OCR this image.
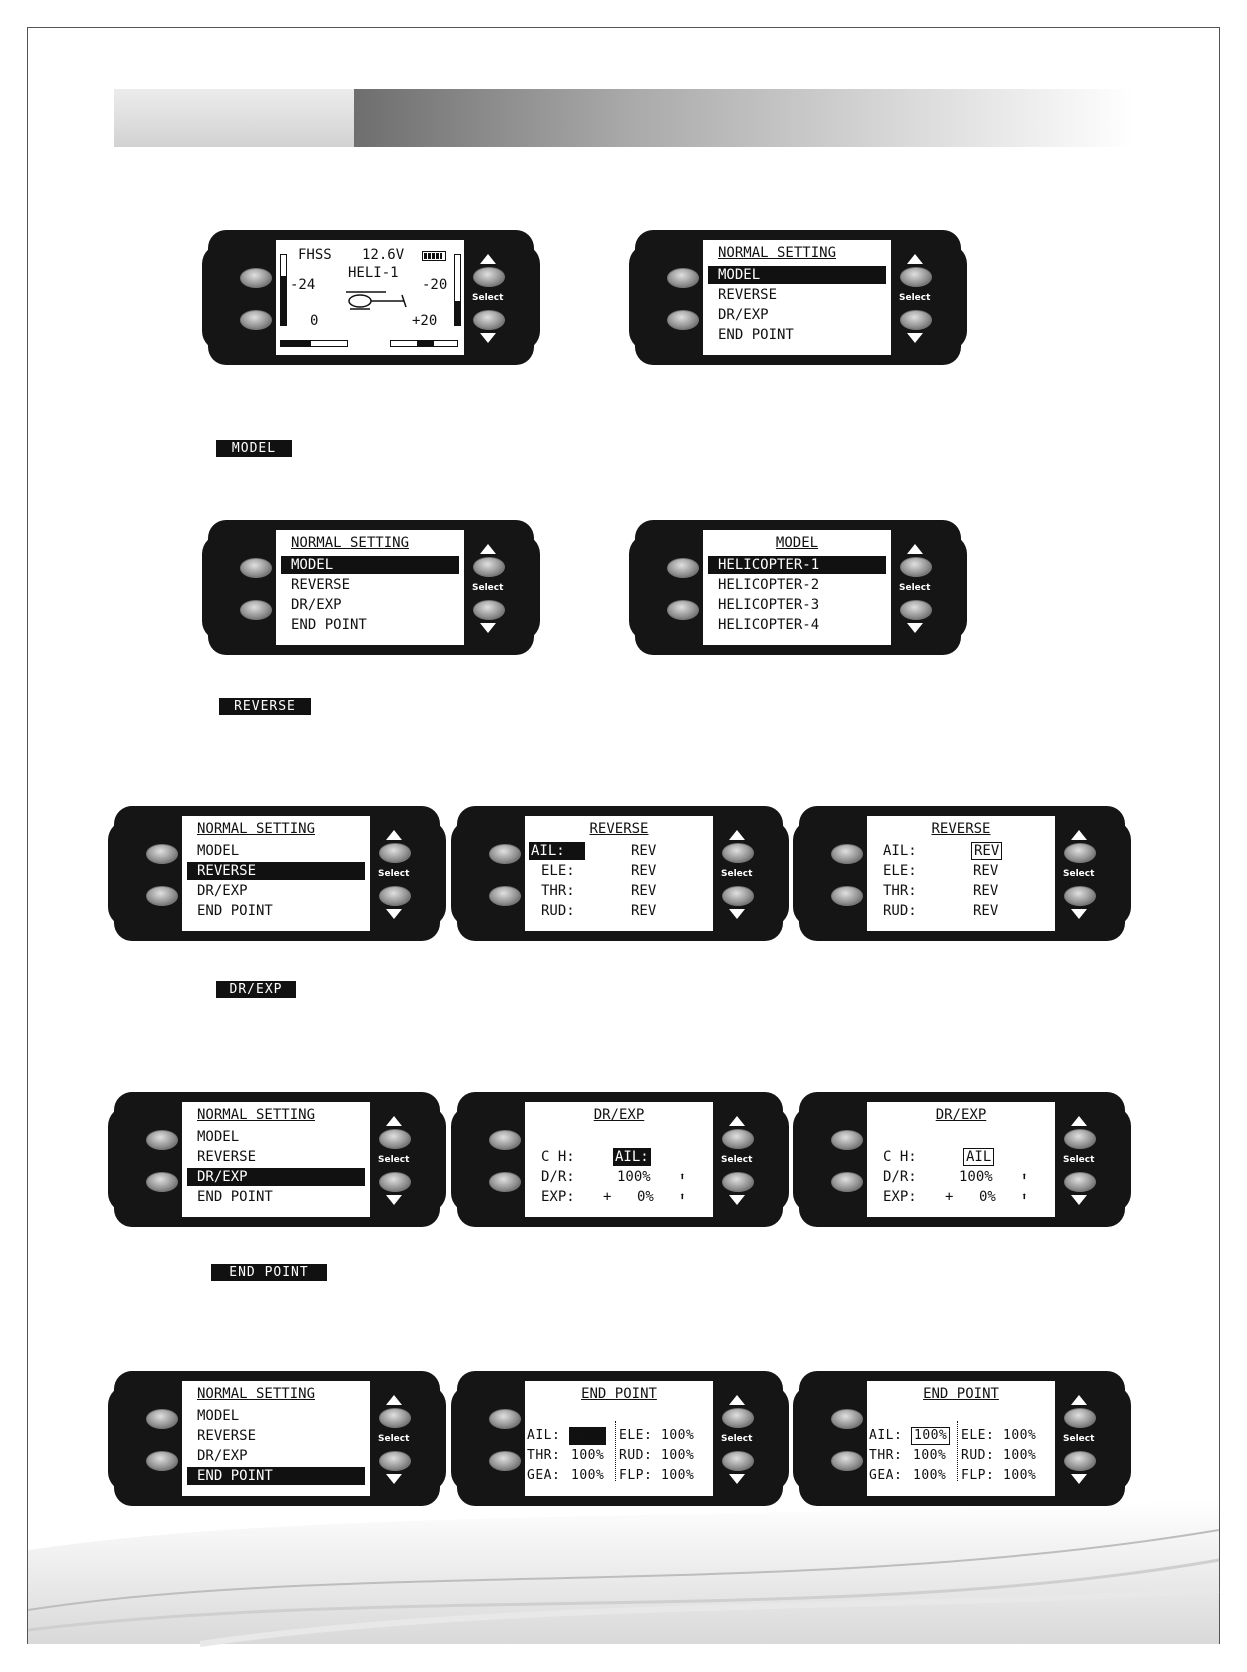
MODEL
REVERSE
DR/EXP
END POINT
Select
FHSS 12.6V
HELI-1
-24	-20
0	+20
Select
NORMAL SETTING
MODEL
REVERSE
DR/EXP
END POINT
Select
NORMAL SETTING
MODEL
REVERSE
DR/EXP
END POINT
Select
MODEL
HELICOPTER-1
HELICOPTER-2
HELICOPTER-3
HELICOPTER-4
Select
NORMAL SETTING
MODEL
REVERSE
DR/EXP
END POINT
Select
REVERSE
AIL:	REV
ELE:	REV
THR:	REV
RUD:	REV
Select
REVERSE
AIL:	REV
ELE:	REV
THR:	REV
RUD:	REV
Select
NORMAL SETTING
MODEL
REVERSE
DR/EXP
END POINT
Select
DR/EXP
C H:	AIL:
D/R:	100%	⬆
EXP: + 0% ⬆
Select
DR/EXP
C H:	AIL
D/R:	100%	⬆
EXP: + 0% ⬆
Select
NORMAL SETTING
MODEL
REVERSE
DR/EXP
END POINT
Select
END POINT
AIL: 100% ELE: 100%
THR: 100% RUD: 100%
GEA: 100% FLP: 100%
Select
END POINT
AIL: 100% ELE: 100%
THR: 100% RUD: 100%
GEA: 100% FLP: 100%
